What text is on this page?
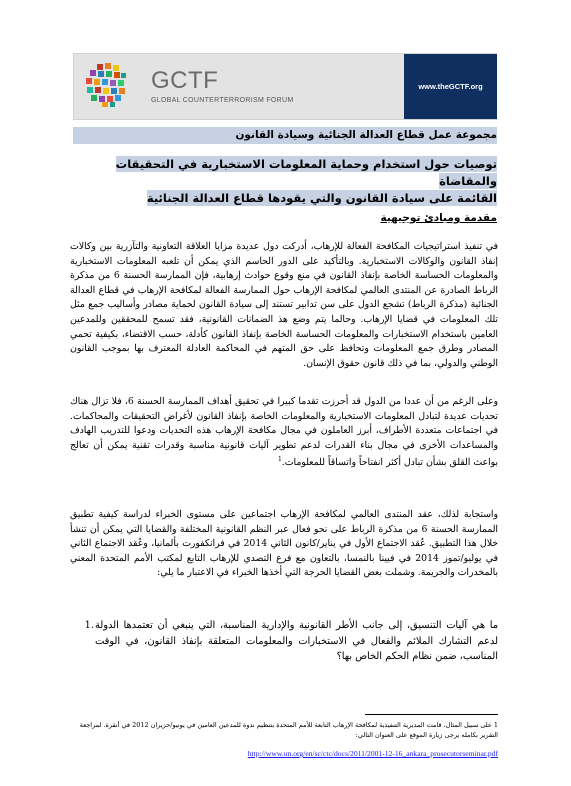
GCTF
GLOBAL COUNTERTERRORISM FORUM
www.theGCTF.org
مجموعة عمل قطاع العدالة الجنائية وسيادة القانون
توصيات حول استخدام وحماية المعلومات الاستخبارية في التحقيقات والمقاضاة
القائمة على سيادة القانون والتي يقودها قطاع العدالة الجنائية
مقدمة ومبادئ توجيهية
في تنفيذ استراتيجيات المكافحة الفعالة للإرهاب، أدركت دول عديدة مزايا العلاقة التعاونية والتآزرية بين وكالات إنفاذ القانون والوكالات الاستخبارية. وبالتأكيد على الدور الحاسم الذي يمكن أن تلعبه المعلومات الاستخبارية والمعلومات الحساسة الخاصة بإنفاذ القانون في منع وقوع حوادث إرهابية، فإن الممارسة الحسنة 6 من مذكرة الرباط الصادرة عن المنتدى العالمي لمكافحة الإرهاب حول الممارسة الفعالة لمكافحة الإرهاب في قطاع العدالة الجنائية (مذكرة الرباط) تشجع الدول على سن تدابير تستند إلى سيادة القانون لحماية مصادر وأساليب جمع مثل تلك المعلومات في قضايا الإرهاب. وحالما يتم وضع هذ الضمانات القانونية، فقد تسمح للمحققين وللمدعين العامين باستخدام الاستخبارات والمعلومات الحساسة الخاصة بإنفاذ القانون كأدلة، حسب الاقتضاء، بكيفية تحمي المصادر وطرق جمع المعلومات وتحافظ على حق المتهم في المحاكمة العادلة المعترف بها بموجب القانون الوطني والدولي، بما في ذلك قانون حقوق الإنسان.
وعلى الرغم من أن عددا من الدول قد أحرزت تقدما كبيرا في تحقيق أهداف الممارسة الحسنة 6، فلا تزال هناك تحديات عديدة لتبادل المعلومات الاستخبارية والمعلومات الخاصة بإنفاذ القانون لأغراض التحقيقات والمحاكمات. في اجتماعات متعددة الأطراف، أبرز العاملون في مجال مكافحة الإرهاب هذه التحديات ودعوا للتدريب الهادف والمساعدات الأخرى في مجال بناء القدرات لدعم تطوير آليات قانونية مناسبة وقدرات تقنية يمكن أن تعالج بواعث القلق بشأن تبادل أكثر انفتاحاً واتساقاً للمعلومات.$^1$
واستجابة لذلك، عقد المنتدى العالمي لمكافحة الإرهاب اجتماعين على مستوى الخبراء لدراسة كيفية تطبيق الممارسة الحسنة 6 من مذكرة الرباط على نحو فعال عبر النظم القانونية المختلفة والقضايا التي يمكن أن تنشأ خلال هذا التطبيق. عُقد الاجتماع الأول في يناير/كانون الثاني 2014 في فرانكفورت بألمانيا، وعُقد الاجتماع الثاني في يوليو/تموز 2014 في فيينا بالنمسا، بالتعاون مع فرع التصدي للإرهاب التابع لمكتب الأمم المتحدة المعني بالمخدرات والجريمة. وشملت بعض القضايا الحرجة التي أخذها الخبراء في الاعتبار ما يلي:
ما هي آليات التنسيق، إلى جانب الأطر القانونية والإدارية المناسبة، التي ينبغي أن تعتمدها الدولة لدعم التشارك الملائم والفعال في الاستخبارات والمعلومات المتعلقة بإنفاذ القانون، في الوقت المناسب، ضمن نظام الحكم الخاص بها؟
1.
1 على سبيل المثال، قامت المديرية التنفيذية لمكافحة الإرهاب التابعة للأمم المتحدة بتنظيم ندوة للمدعين العامين في يونيو/حزيران 2012 في أنقرة. لمراجعة التقرير بكامله يرجى زيارة الموقع على العنوان التالي:
http://www.un.org/en/sc/ctc/docs/2011/2001-12-16_ankara_prosecutorseminar.pdf
